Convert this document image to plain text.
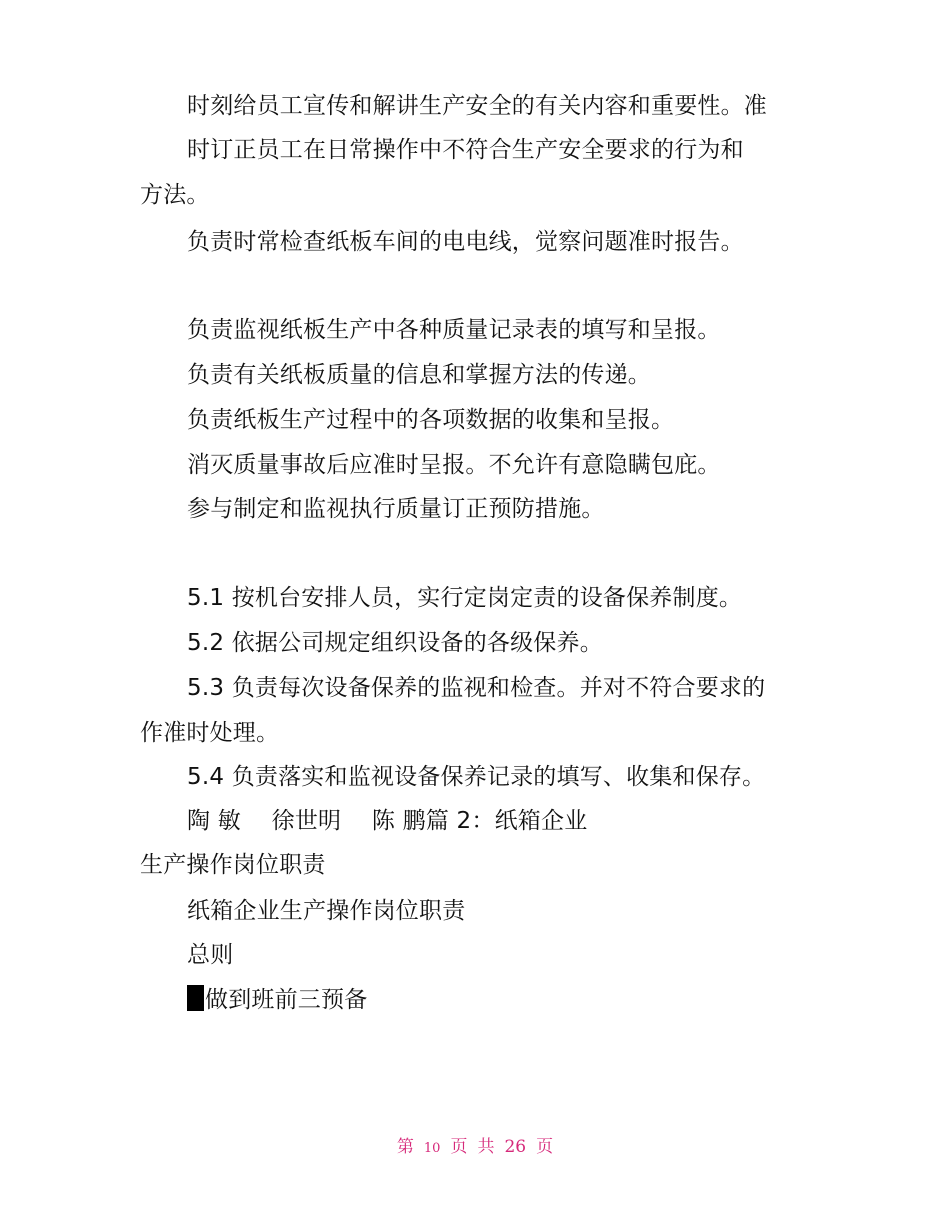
时刻给员工宣传和解讲生产安全的有关内容和重要性。准
时订正员工在日常操作中不符合生产安全要求的行为和
方法。
负责时常检查纸板车间的电电线，觉察问题准时报告。
负责监视纸板生产中各种质量记录表的填写和呈报。
负责有关纸板质量的信息和掌握方法的传递。
负责纸板生产过程中的各项数据的收集和呈报。
消灭质量事故后应准时呈报。不允许有意隐瞒包庇。
参与制定和监视执行质量订正预防措施。
5.1 按机台安排人员，实行定岗定责的设备保养制度。
5.2 依据公司规定组织设备的各级保养。
5.3 负责每次设备保养的监视和检查。并对不符合要求的
作准时处理。
5.4 负责落实和监视设备保养记录的填写、收集和保存。
陶 敏　 徐世明　 陈 鹏篇 2：纸箱企业
生产操作岗位职责
纸箱企业生产操作岗位职责
总则
做到班前三预备
第 10 页 共 26 页
